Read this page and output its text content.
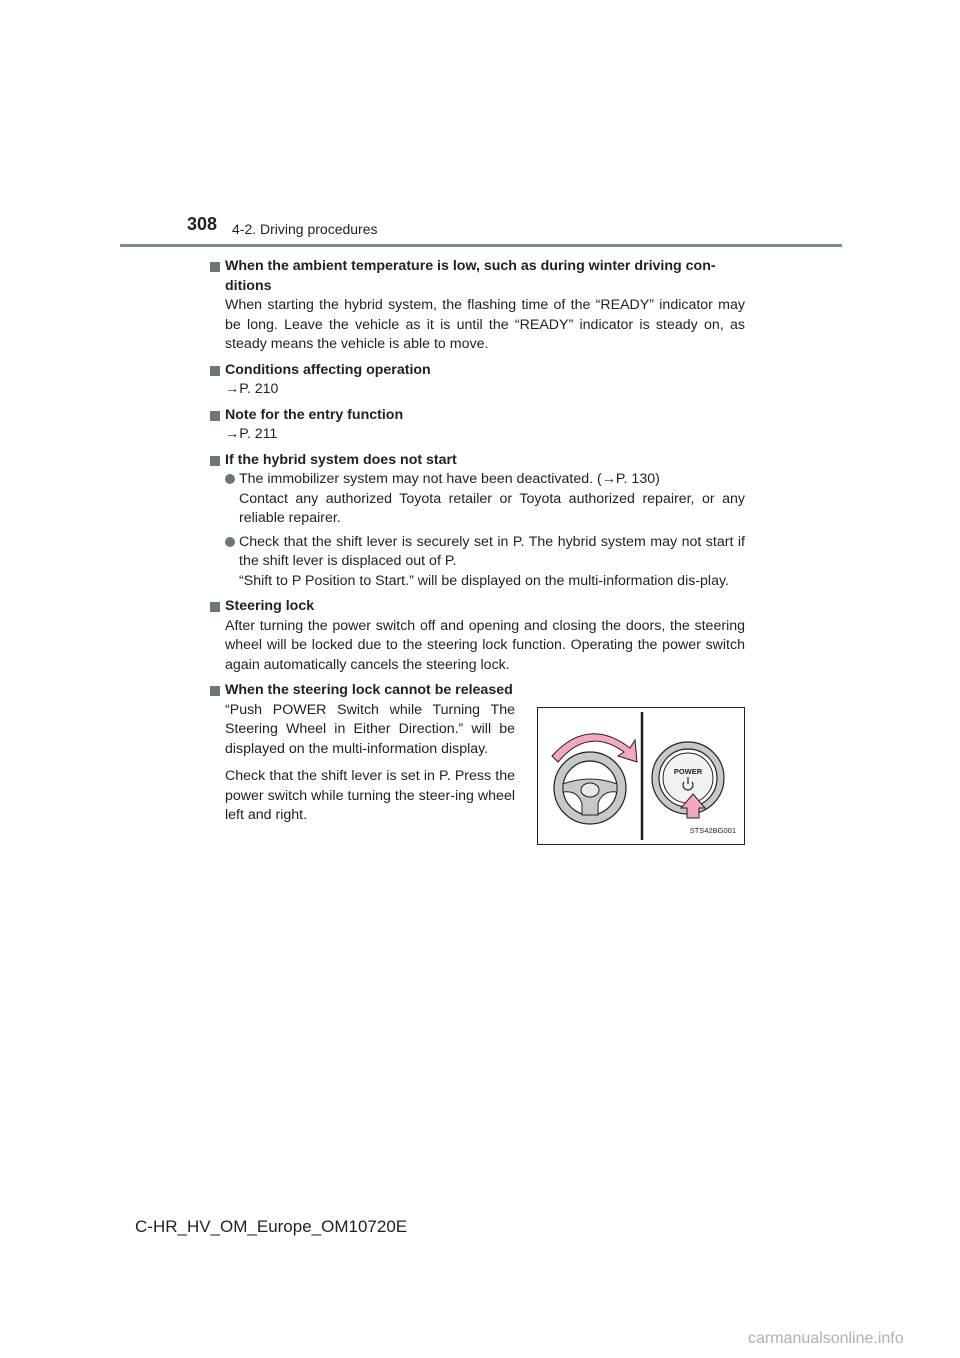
308 4-2. Driving procedures
When the ambient temperature is low, such as during winter driving con-ditions
When starting the hybrid system, the flashing time of the “READY” indicator may be long. Leave the vehicle as it is until the “READY” indicator is steady on, as steady means the vehicle is able to move.
Conditions affecting operation
→P. 210
Note for the entry function
→P. 211
If the hybrid system does not start
The immobilizer system may not have been deactivated. (→P. 130)
Contact any authorized Toyota retailer or Toyota authorized repairer, or any reliable repairer.
Check that the shift lever is securely set in P. The hybrid system may not start if the shift lever is displaced out of P.
“Shift to P Position to Start.” will be displayed on the multi-information dis-play.
Steering lock
After turning the power switch off and opening and closing the doors, the steering wheel will be locked due to the steering lock function. Operating the power switch again automatically cancels the steering lock.
When the steering lock cannot be released

“Push POWER Switch while Turning The Steering Wheel in Either Direction.” will be displayed on the multi-information display.

Check that the shift lever is set in P. Press the power switch while turning the steer-ing wheel left and right.

POWER
STS42BG001
C-HR_HV_OM_Europe_OM10720E
carmanualsonline.info
